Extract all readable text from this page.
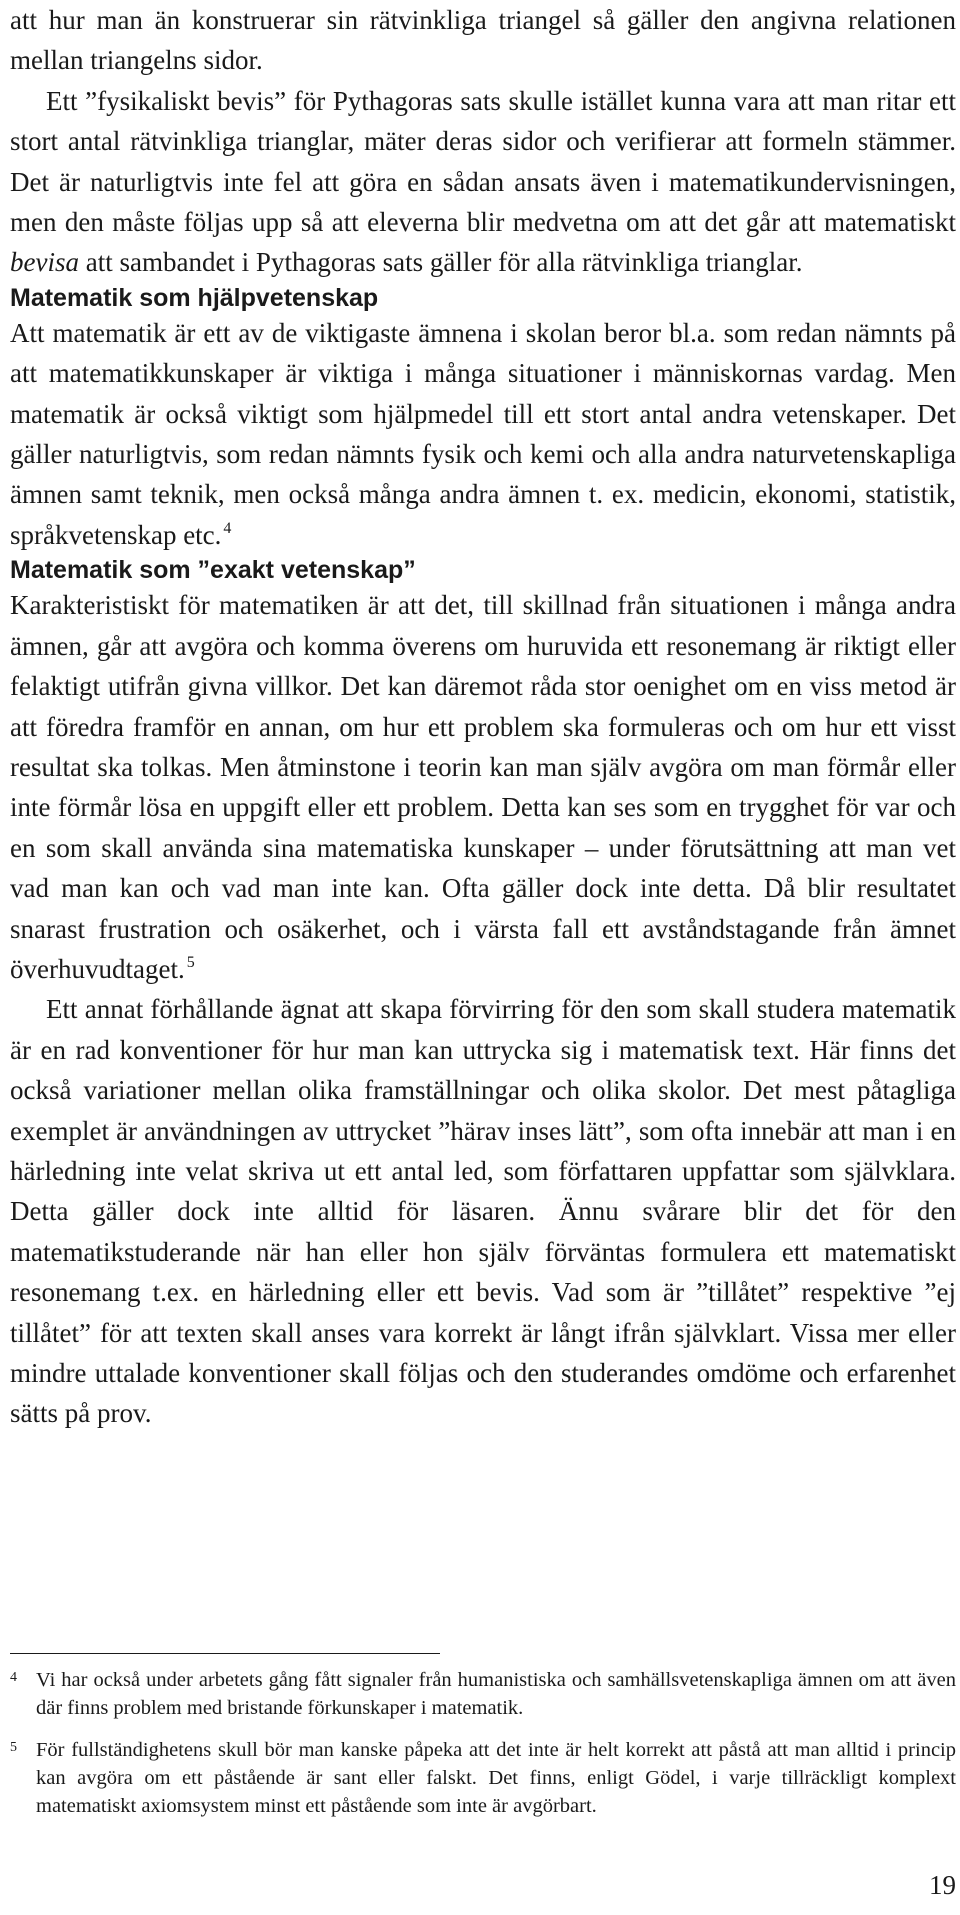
att hur man än konstruerar sin rätvinkliga triangel så gäller den angivna relationen mellan triangelns sidor.

Ett ”fysikaliskt bevis” för Pythagoras sats skulle istället kunna vara att man ritar ett stort antal rätvinkliga trianglar, mäter deras sidor och verifierar att formeln stämmer. Det är naturligtvis inte fel att göra en sådan ansats även i matematikundervisningen, men den måste följas upp så att eleverna blir medvetna om att det går att matematiskt bevisa att sambandet i Pythagoras sats gäller för alla rätvinkliga trianglar.

Matematik som hjälpvetenskap

Att matematik är ett av de viktigaste ämnena i skolan beror bl.a. som redan nämnts på att matematikkunskaper är viktiga i många situationer i människornas vardag. Men matematik är också viktigt som hjälpmedel till ett stort antal andra vetenskaper. Det gäller naturligtvis, som redan nämnts fysik och kemi och alla andra naturvetenskapliga ämnen samt teknik, men också många andra ämnen t. ex. medicin, ekonomi, statistik, språkvetenskap etc. $^4$

Matematik som ”exakt vetenskap”

Karakteristiskt för matematiken är att det, till skillnad från situationen i många andra ämnen, går att avgöra och komma överens om huruvida ett resonemang är riktigt eller felaktigt utifrån givna villkor. Det kan däremot råda stor oenighet om en viss metod är att föredra framför en annan, om hur ett problem ska formuleras och om hur ett visst resultat ska tolkas. Men åtminstone i teorin kan man själv avgöra om man förmår eller inte förmår lösa en uppgift eller ett problem. Detta kan ses som en trygghet för var och en som skall använda sina matematiska kunskaper – under förutsättning att man vet vad man kan och vad man inte kan. Ofta gäller dock inte detta. Då blir resultatet snarast frustration och osäkerhet, och i värsta fall ett avståndstagande från ämnet överhuvudtaget. $^5$

Ett annat förhållande ägnat att skapa förvirring för den som skall studera matematik är en rad konventioner för hur man kan uttrycka sig i matematisk text. Här finns det också variationer mellan olika framställningar och olika skolor. Det mest påtagliga exemplet är användningen av uttrycket ”härav inses lätt”, som ofta innebär att man i en härledning inte velat skriva ut ett antal led, som författaren uppfattar som självklara. Detta gäller dock inte alltid för läsaren. Ännu svårare blir det för den matematikstuderande när han eller hon själv förväntas formulera ett matematiskt resonemang t.ex. en härledning eller ett bevis. Vad som är ”tillåtet” respektive ”ej tillåtet” för att texten skall anses vara korrekt är långt ifrån självklart. Vissa mer eller mindre uttalade konventioner skall följas och den studerandes omdöme och erfarenhet sätts på prov.

4 Vi har också under arbetets gång fått signaler från humanistiska och samhällsvetenskapliga ämnen om att även där finns problem med bristande förkunskaper i matematik.

5 För fullständighetens skull bör man kanske påpeka att det inte är helt korrekt att påstå att man alltid i princip kan avgöra om ett påstående är sant eller falskt. Det finns, enligt Gödel, i varje tillräckligt komplext matematiskt axiomsystem minst ett påstående som inte är avgörbart.

19
